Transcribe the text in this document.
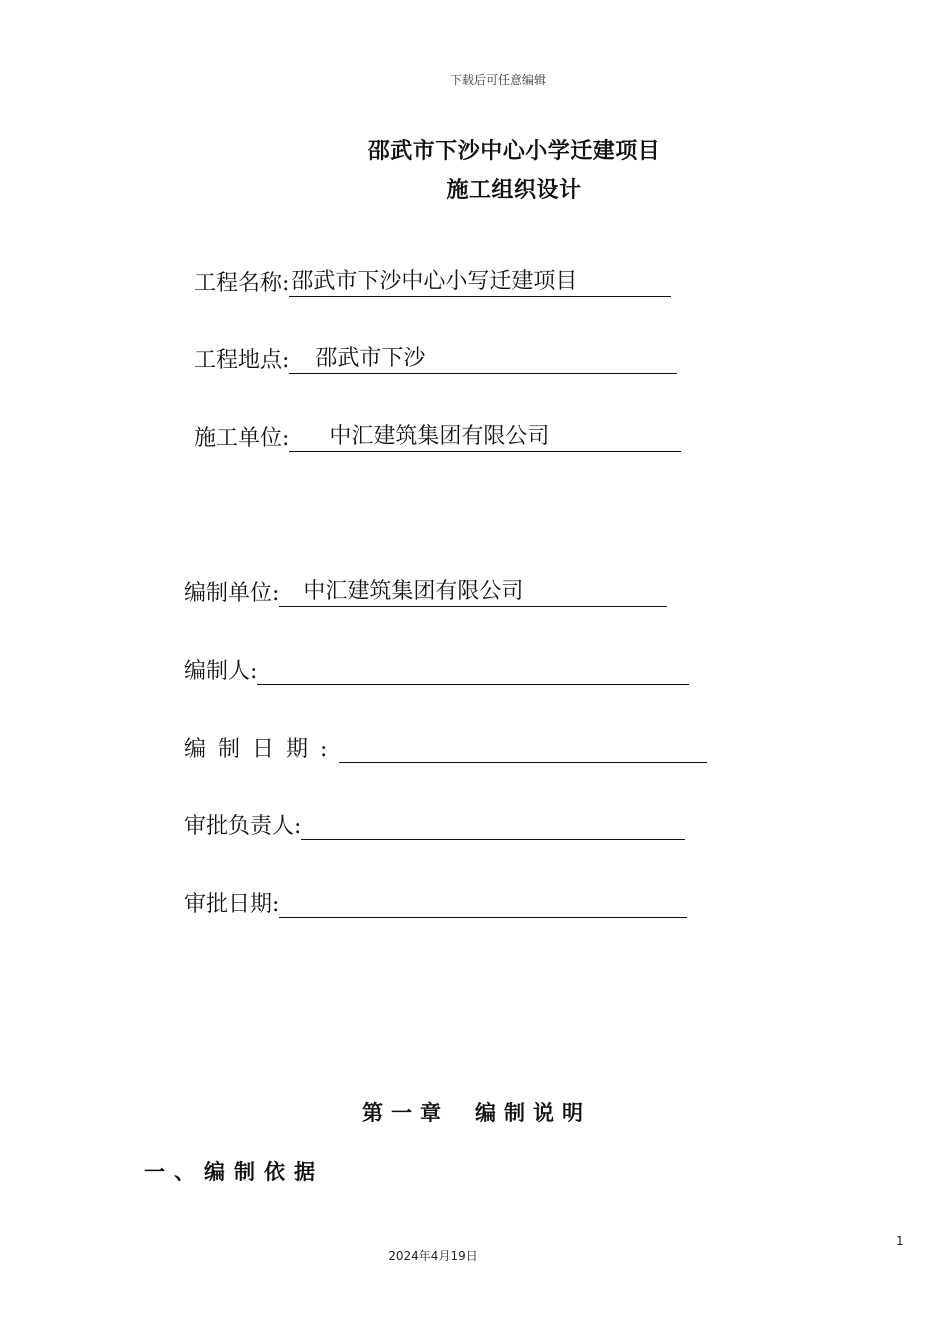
下载后可任意编辑
邵武市下沙中心小学迁建项目
施工组织设计
工程名称: 邵武市下沙中心小写迁建项目
工程地点:	邵武市下沙
施工单位:	中汇建筑集团有限公司
编制单位:	中汇建筑集团有限公司
编制人:
编制日期:
审批负责人:
审批日期:
第一章 编制说明
一、编制依据
1
2024年4月19日
